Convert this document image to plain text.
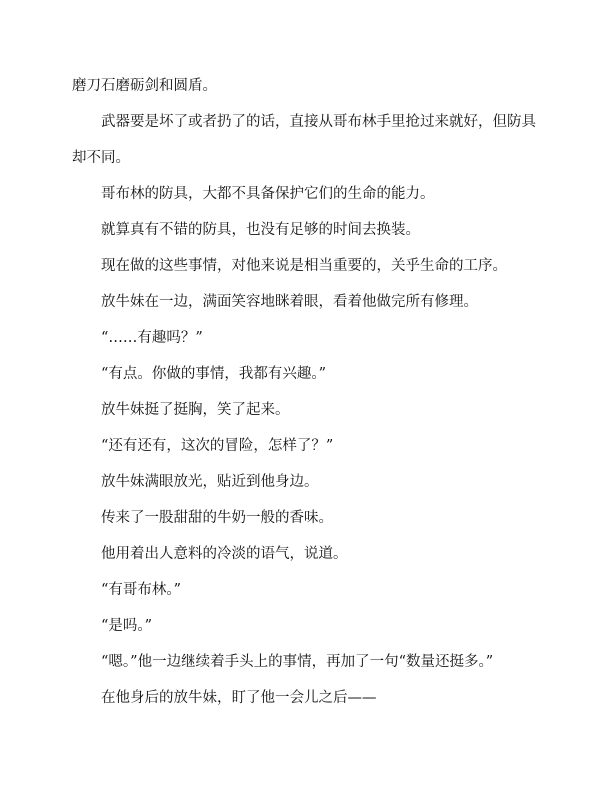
磨刀石磨砺剑和圆盾。

武器要是坏了或者扔了的话，直接从哥布林手里抢过来就好，但防具却不同。

哥布林的防具，大都不具备保护它们的生命的能力。

就算真有不错的防具，也没有足够的时间去换装。

现在做的这些事情，对他来说是相当重要的，关乎生命的工序。

放牛妹在一边，满面笑容地眯着眼，看着他做完所有修理。

“……有趣吗？”

“有点。你做的事情，我都有兴趣。”

放牛妹挺了挺胸，笑了起来。

“还有还有，这次的冒险，怎样了？”

放牛妹满眼放光，贴近到他身边。

传来了一股甜甜的牛奶一般的香味。

他用着出人意料的冷淡的语气，说道。

“有哥布林。”

“是吗。”

“嗯。”他一边继续着手头上的事情，再加了一句“数量还挺多。”

在他身后的放牛妹，盯了他一会儿之后——
